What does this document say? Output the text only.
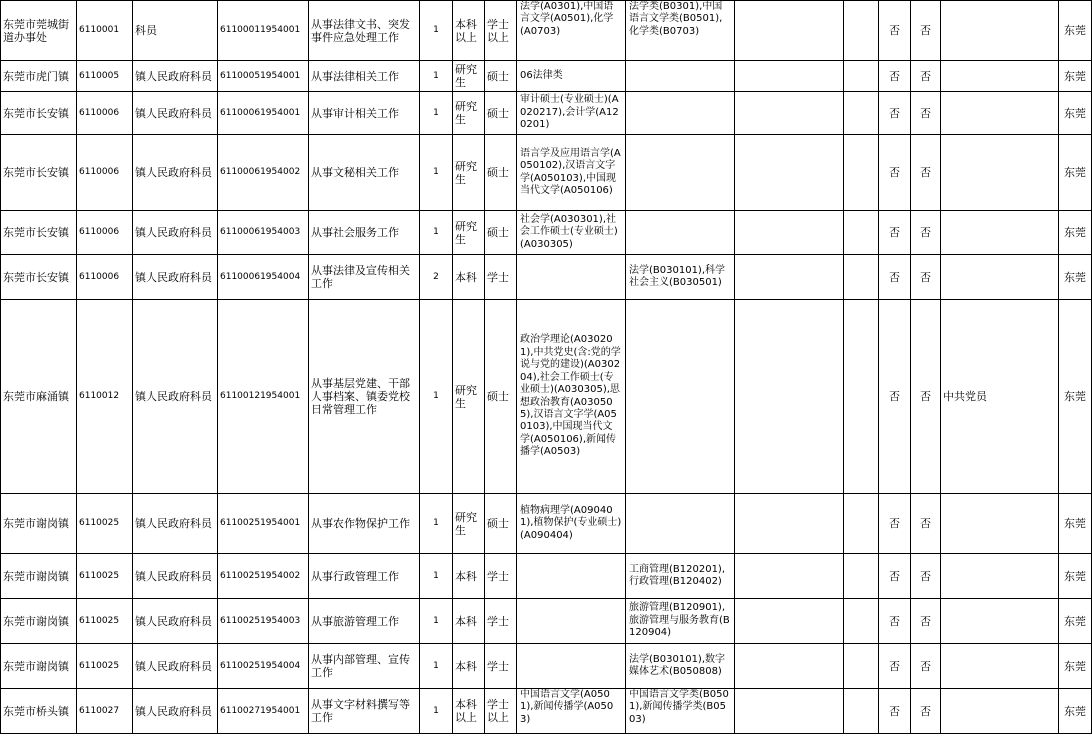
东莞市莞城街道办事处	6110001	科员	61100011954001	从事法律文书、突发事件应急处理工作	1	本科以上	学士以上	法学(A0301),中国语言文学(A0501),化学(A0703)	法学类(B0301),中国语言文学类(B0501),化学类(B0703)			否	否		东莞
东莞市虎门镇	6110005	镇人民政府科员	61100051954001	从事法律相关工作	1	研究生	硕士	06法律类				否	否		东莞
东莞市长安镇	6110006	镇人民政府科员	61100061954001	从事审计相关工作	1	研究生	硕士	审计硕士(专业硕士)(A020217),会计学(A120201)				否	否		东莞
东莞市长安镇	6110006	镇人民政府科员	61100061954002	从事文秘相关工作	1	研究生	硕士	语言学及应用语言学(A050102),汉语言文字学(A050103),中国现当代文学(A050106)				否	否		东莞
东莞市长安镇	6110006	镇人民政府科员	61100061954003	从事社会服务工作	1	研究生	硕士	社会学(A030301),社会工作硕士(专业硕士)(A030305)				否	否		东莞
东莞市长安镇	6110006	镇人民政府科员	61100061954004	从事法律及宣传相关工作	2	本科	学士		法学(B030101),科学社会主义(B030501)			否	否		东莞
东莞市麻涌镇	6110012	镇人民政府科员	61100121954001	从事基层党建、干部人事档案、镇委党校日常管理工作	1	研究生	硕士	政治学理论(A030201),中共党史(含:党的学说与党的建设)(A030204),社会工作硕士(专业硕士)(A030305),思想政治教育(A030505),汉语言文字学(A050103),中国现当代文学(A050106),新闻传播学(A0503)				否	否	中共党员	东莞
东莞市谢岗镇	6110025	镇人民政府科员	61100251954001	从事农作物保护工作	1	研究生	硕士	植物病理学(A090401),植物保护(专业硕士)(A090404)				否	否		东莞
东莞市谢岗镇	6110025	镇人民政府科员	61100251954002	从事行政管理工作	1	本科	学士		工商管理(B120201),行政管理(B120402)			否	否		东莞
东莞市谢岗镇	6110025	镇人民政府科员	61100251954003	从事旅游管理工作	1	本科	学士		旅游管理(B120901),旅游管理与服务教育(B120904)			否	否		东莞
东莞市谢岗镇	6110025	镇人民政府科员	61100251954004	从事内部管理、宣传工作	1	本科	学士		法学(B030101),数字媒体艺术(B050808)			否	否		东莞
东莞市桥头镇	6110027	镇人民政府科员	61100271954001	从事文字材料撰写等工作	1	本科以上	学士以上	中国语言文学(A0501),新闻传播学(A0503)	中国语言文学类(B0501),新闻传播学类(B0503)			否	否		东莞
